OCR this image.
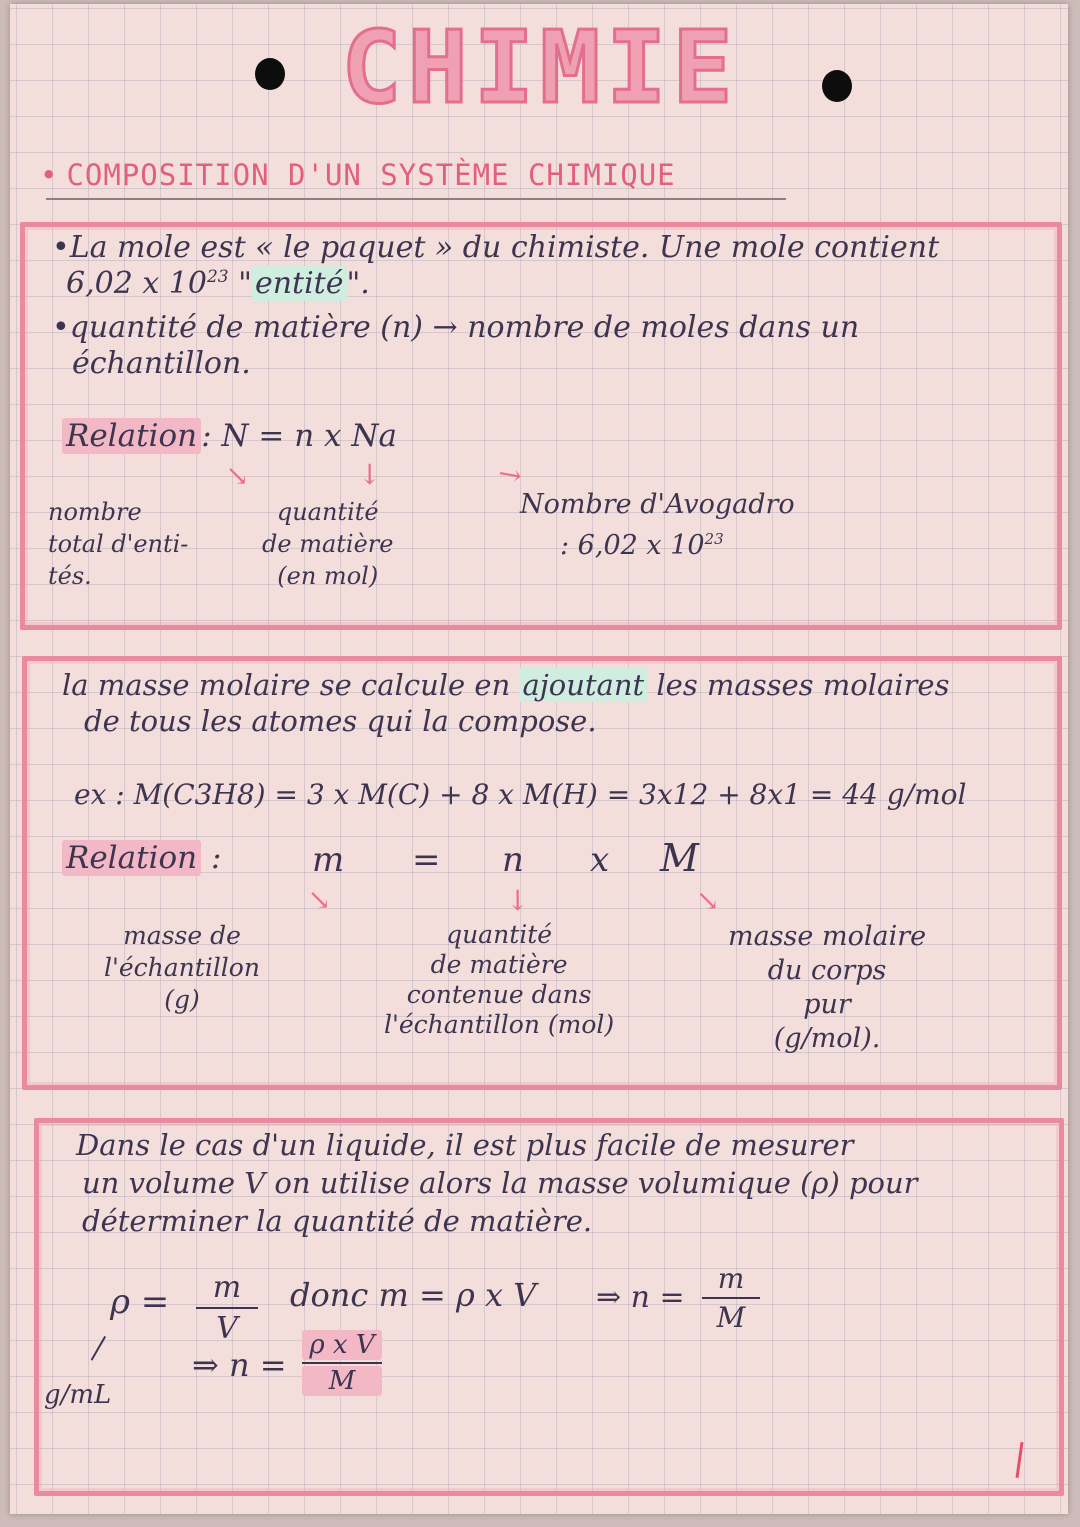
CHIMIE
• COMPOSITION D'UN SYSTÈME CHIMIQUE
•La mole est « le paquet » du chimiste. Une mole contient
6,02 x $10^{23}$ " entité ".
•quantité de matière (n) → nombre de moles dans un
échantillon.
Relation : N = n x Na
↓	↓	↘
nombre
total d'enti-
tés.
quantité
de matière
(en mol)
Nombre d'Avogadro
: 6,02 x $10^{23}$
la masse molaire se calcule en ajoutant les masses molaires
de tous les atomes qui la compose.
ex : M(C3H8) = 3 x M(C) + 8 x M(H) = 3x12 + 8x1 = 44 g/mol
Relation :	m = n x M
↓	↓	↘
masse de
l'échantillon
(g)
quantité
de matière
contenue dans
l'échantillon (mol)
masse molaire
du corps
pur
(g/mol).
Dans le cas d'un liquide, il est plus facile de mesurer
un volume V on utilise alors la masse volumique (ρ) pour
déterminer la quantité de matière.
ρ =	m
V
donc m = ρ x V ⇒ n =
m
M
— ⇒ n =
ρ x V
M
g/mL
